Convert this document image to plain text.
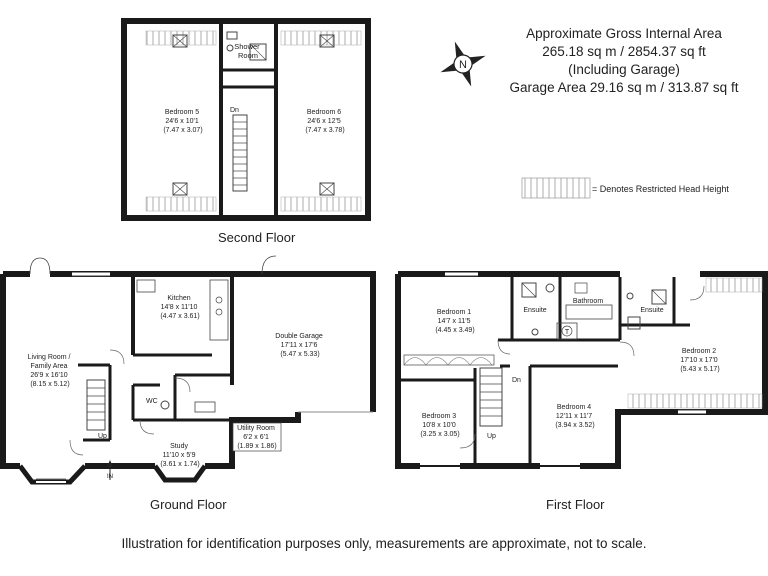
Dn
Shower Room
Bedroom 5 24'6 x 10'1 (7.47 x 3.07)
Bedroom 6 24'6 x 12'5 (7.47 x 3.78)
N
Up
IN
Kitchen 14'8 x 11'10 (4.47 x 3.61)
Double Garage 17'11 x 17'6 (5.47 x 5.33)
Living Room / Family Area 26'9 x 16'10 (8.15 x 5.12)
WC
Utility Room 6'2 x 6'1 (1.89 x 1.86)
Study 11'10 x 5'9 (3.61 x 1.74)
T
Dn
Up
Bedroom 1 14'7 x 11'5 (4.45 x 3.49)
Ensuite
Bathroom
Ensuite
Bedroom 2 17'10 x 17'0 (5.43 x 5.17)
Bedroom 3 10'8 x 10'0 (3.25 x 3.05)
Bedroom 4 12'11 x 11'7 (3.94 x 3.52)
Approximate Gross Internal Area
265.18 sq m / 2854.37 sq ft
(Including Garage)
Garage Area 29.16 sq m / 313.87 sq ft
= Denotes Restricted Head Height
Second Floor
Ground Floor	First Floor
Illustration for identification purposes only, measurements are approximate, not to scale.
